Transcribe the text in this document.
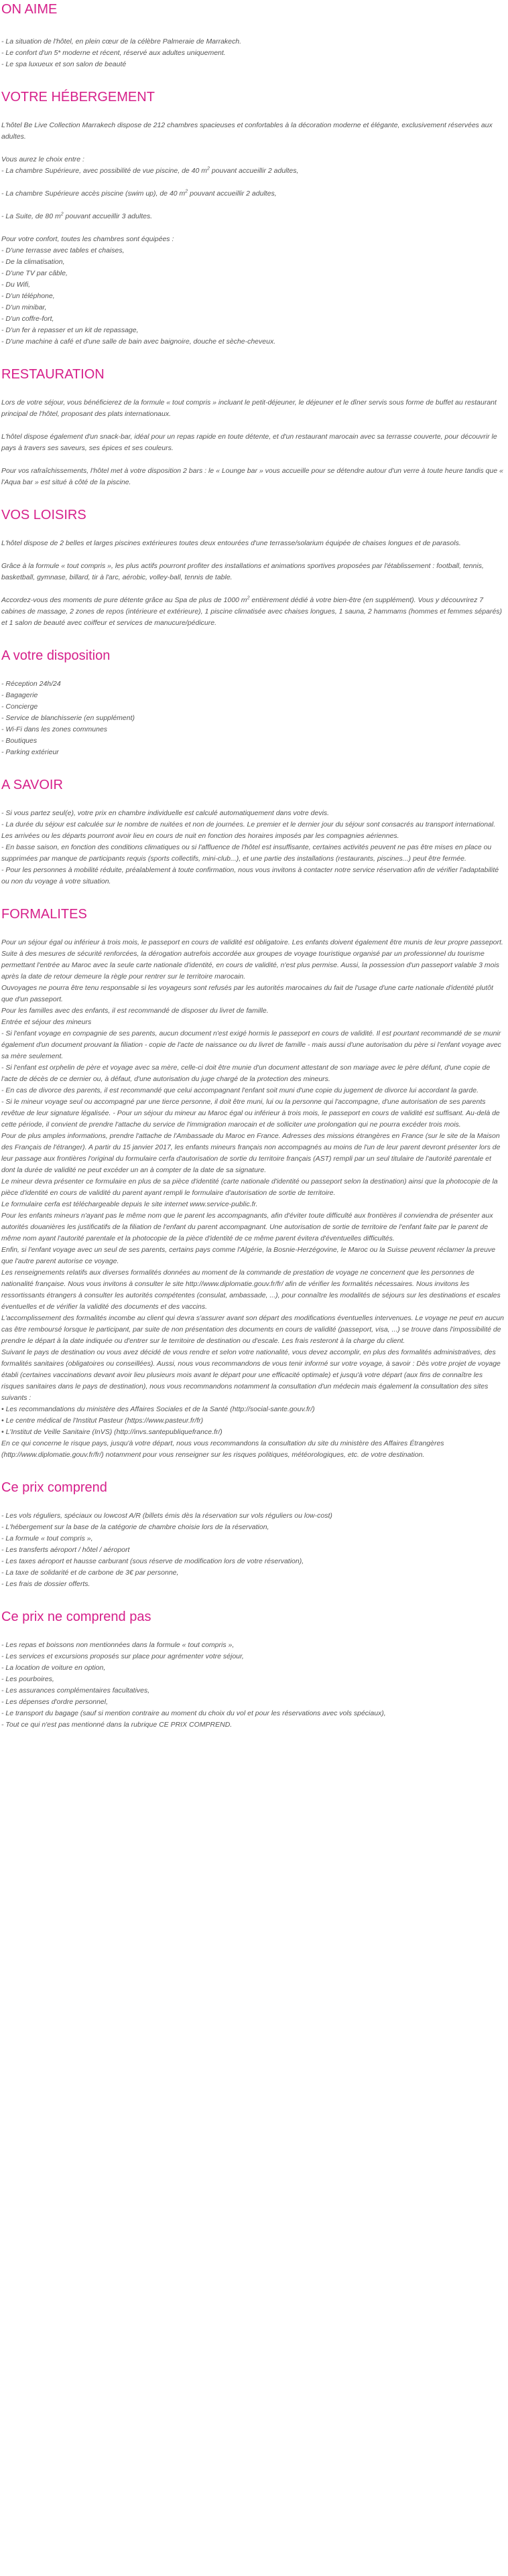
ON AIME
- La situation de l'hôtel, en plein cœur de la célèbre Palmeraie de Marrakech.
- Le confort d'un 5* moderne et récent, réservé aux adultes uniquement.
- Le spa luxueux et son salon de beauté
VOTRE HÉBERGEMENT

L'hôtel Be Live Collection Marrakech dispose de 212 chambres spacieuses et confortables à la décoration moderne et élégante, exclusivement réservées aux adultes.

Vous aurez le choix entre :
- La chambre Supérieure, avec possibilité de vue piscine, de 40 $m^2$ pouvant accueillir 2 adultes,
- La chambre Supérieure accès piscine (swim up), de 40 $m^2$ pouvant accueillir 2 adultes,
- La Suite, de 80 $m^2$ pouvant accueillir 3 adultes.
Pour votre confort, toutes les chambres sont équipées :
- D'une terrasse avec tables et chaises,
- De la climatisation,
- D'une TV par câble,
- Du Wifi,
- D'un téléphone,
- D'un minibar,
- D'un coffre-fort,
- D'un fer à repasser et un kit de repassage,
- D'une machine à café et d'une salle de bain avec baignoire, douche et sèche-cheveux.
RESTAURATION

Lors de votre séjour, vous bénéficierez de la formule « tout compris » incluant le petit-déjeuner, le déjeuner et le dîner servis sous forme de buffet au restaurant principal de l'hôtel, proposant des plats internationaux.

L'hôtel dispose également d'un snack-bar, idéal pour un repas rapide en toute détente, et d'un restaurant marocain avec sa terrasse couverte, pour découvrir le pays à travers ses saveurs, ses épices et ses couleurs.

Pour vos rafraîchissements, l'hôtel met à votre disposition 2 bars : le « Lounge bar » vous accueille pour se détendre autour d'un verre à toute heure tandis que « l'Aqua bar » est situé à côté de la piscine.

VOS LOISIRS

L'hôtel dispose de 2 belles et larges piscines extérieures toutes deux entourées d'une terrasse/solarium équipée de chaises longues et de parasols.

Grâce à la formule « tout compris », les plus actifs pourront profiter des installations et animations sportives proposées par l'établissement : football, tennis, basketball, gymnase, billard, tir à l'arc, aérobic, volley-ball, tennis de table.

Accordez-vous des moments de pure détente grâce au Spa de plus de 1000 $m^2$ entièrement dédié à votre bien-être (en supplément). Vous y découvrirez 7 cabines de massage, 2 zones de repos (intérieure et extérieure), 1 piscine climatisée avec chaises longues, 1 sauna, 2 hammams (hommes et femmes séparés) et 1 salon de beauté avec coiffeur et services de manucure/pédicure.

A votre disposition
- Réception 24h/24
- Bagagerie
- Concierge
- Service de blanchisserie (en supplément)
- Wi-Fi dans les zones communes
- Boutiques
- Parking extérieur
A SAVOIR
- Si vous partez seul(e), votre prix en chambre individuelle est calculé automatiquement dans votre devis.
- La durée du séjour est calculée sur le nombre de nuitées et non de journées. Le premier et le dernier jour du séjour sont consacrés au transport international. Les arrivées ou les départs pourront avoir lieu en cours de nuit en fonction des horaires imposés par les compagnies aériennes.
- En basse saison, en fonction des conditions climatiques ou si l'affluence de l'hôtel est insuffisante, certaines activités peuvent ne pas être mises en place ou supprimées par manque de participants requis (sports collectifs, mini-club...), et une partie des installations (restaurants, piscines...) peut être fermée.
- Pour les personnes à mobilité réduite, préalablement à toute confirmation, nous vous invitons à contacter notre service réservation afin de vérifier l'adaptabilité ou non du voyage à votre situation.
FORMALITES
Pour un séjour égal ou inférieur à trois mois, le passeport en cours de validité est obligatoire. Les enfants doivent également être munis de leur propre passeport.
Suite à des mesures de sécurité renforcées, la dérogation autrefois accordée aux groupes de voyage touristique organisé par un professionnel du tourisme permettant l'entrée au Maroc avec la seule carte nationale d'identité, en cours de validité, n'est plus permise. Aussi, la possession d'un passeport valable 3 mois après la date de retour demeure la règle pour rentrer sur le territoire marocain.
Ouvoyages ne pourra être tenu responsable si les voyageurs sont refusés par les autorités marocaines du fait de l'usage d'une carte nationale d'identité plutôt que d'un passeport.
Pour les familles avec des enfants, il est recommandé de disposer du livret de famille.
Entrée et séjour des mineurs
- Si l'enfant voyage en compagnie de ses parents, aucun document n'est exigé hormis le passeport en cours de validité. Il est pourtant recommandé de se munir également d'un document prouvant la filiation - copie de l'acte de naissance ou du livret de famille - mais aussi d'une autorisation du père si l'enfant voyage avec sa mère seulement.
- Si l'enfant est orphelin de père et voyage avec sa mère, celle-ci doit être munie d'un document attestant de son mariage avec le père défunt, d'une copie de l'acte de décès de ce dernier ou, à défaut, d'une autorisation du juge chargé de la protection des mineurs.
- En cas de divorce des parents, il est recommandé que celui accompagnant l'enfant soit muni d'une copie du jugement de divorce lui accordant la garde.
- Si le mineur voyage seul ou accompagné par une tierce personne, il doit être muni, lui ou la personne qui l'accompagne, d'une autorisation de ses parents revêtue de leur signature légalisée. - Pour un séjour du mineur au Maroc égal ou inférieur à trois mois, le passeport en cours de validité est suffisant. Au-delà de cette période, il convient de prendre l'attache du service de l'immigration marocain et de solliciter une prolongation qui ne pourra excéder trois mois.
Pour de plus amples informations, prendre l'attache de l'Ambassade du Maroc en France. Adresses des missions étrangères en France (sur le site de la Maison des Français de l'étranger). A partir du 15 janvier 2017, les enfants mineurs français non accompagnés au moins de l'un de leur parent devront présenter lors de leur passage aux frontières l'original du formulaire cerfa d'autorisation de sortie du territoire français (AST) rempli par un seul titulaire de l'autorité parentale et dont la durée de validité ne peut excéder un an à compter de la date de sa signature.
Le mineur devra présenter ce formulaire en plus de sa pièce d'identité (carte nationale d'identité ou passeport selon la destination) ainsi que la photocopie de la pièce d'identité en cours de validité du parent ayant rempli le formulaire d'autorisation de sortie de territoire.
Le formulaire cerfa est téléchargeable depuis le site internet www.service-public.fr.
Pour les enfants mineurs n'ayant pas le même nom que le parent les accompagnants, afin d'éviter toute difficulté aux frontières il conviendra de présenter aux autorités douanières les justificatifs de la filiation de l'enfant du parent accompagnant. Une autorisation de sortie de territoire de l'enfant faite par le parent de même nom ayant l'autorité parentale et la photocopie de la pièce d'identité de ce même parent évitera d'éventuelles difficultés.
Enfin, si l'enfant voyage avec un seul de ses parents, certains pays comme l'Algérie, la Bosnie-Herzégovine, le Maroc ou la Suisse peuvent réclamer la preuve que l'autre parent autorise ce voyage.
Les renseignements relatifs aux diverses formalités données au moment de la commande de prestation de voyage ne concernent que les personnes de nationalité française. Nous vous invitons à consulter le site http://www.diplomatie.gouv.fr/fr/ afin de vérifier les formalités nécessaires. Nous invitons les ressortissants étrangers à consulter les autorités compétentes (consulat, ambassade, ...), pour connaître les modalités de séjours sur les destinations et escales éventuelles et de vérifier la validité des documents et des vaccins.
L'accomplissement des formalités incombe au client qui devra s'assurer avant son départ des modifications éventuelles intervenues. Le voyage ne peut en aucun cas être remboursé lorsque le participant, par suite de non présentation des documents en cours de validité (passeport, visa, ...) se trouve dans l'impossibilité de prendre le départ à la date indiquée ou d'entrer sur le territoire de destination ou d'escale. Les frais resteront à la charge du client.
Suivant le pays de destination ou vous avez décidé de vous rendre et selon votre nationalité, vous devez accomplir, en plus des formalités administratives, des formalités sanitaires (obligatoires ou conseillées). Aussi, nous vous recommandons de vous tenir informé sur votre voyage, à savoir : Dès votre projet de voyage établi (certaines vaccinations devant avoir lieu plusieurs mois avant le départ pour une efficacité optimale) et jusqu'à votre départ (aux fins de connaître les risques sanitaires dans le pays de destination), nous vous recommandons notamment la consultation d'un médecin mais également la consultation des sites suivants :
• Les recommandations du ministère des Affaires Sociales et de la Santé (http://social-sante.gouv.fr/)
• Le centre médical de l'Institut Pasteur (https://www.pasteur.fr/fr)
• L'Institut de Veille Sanitaire (InVS) (http://invs.santepubliquefrance.fr/)
En ce qui concerne le risque pays, jusqu'à votre départ, nous vous recommandons la consultation du site du ministère des Affaires Étrangères (http://www.diplomatie.gouv.fr/fr/) notamment pour vous renseigner sur les risques politiques, météorologiques, etc. de votre destination.
Ce prix comprend
- Les vols réguliers, spéciaux ou lowcost A/R (billets émis dès la réservation sur vols réguliers ou low-cost)
- L'hébergement sur la base de la catégorie de chambre choisie lors de la réservation,
- La formule « tout compris »,
- Les transferts aéroport / hôtel / aéroport
- Les taxes aéroport et hausse carburant (sous réserve de modification lors de votre réservation),
- La taxe de solidarité et de carbone de 3€ par personne,
- Les frais de dossier offerts.
Ce prix ne comprend pas
- Les repas et boissons non mentionnées dans la formule « tout compris »,
- Les services et excursions proposés sur place pour agrémenter votre séjour,
- La location de voiture en option,
- Les pourboires,
- Les assurances complémentaires facultatives,
- Les dépenses d'ordre personnel,
- Le transport du bagage (sauf si mention contraire au moment du choix du vol et pour les réservations avec vols spéciaux),
- Tout ce qui n'est pas mentionné dans la rubrique CE PRIX COMPREND.
